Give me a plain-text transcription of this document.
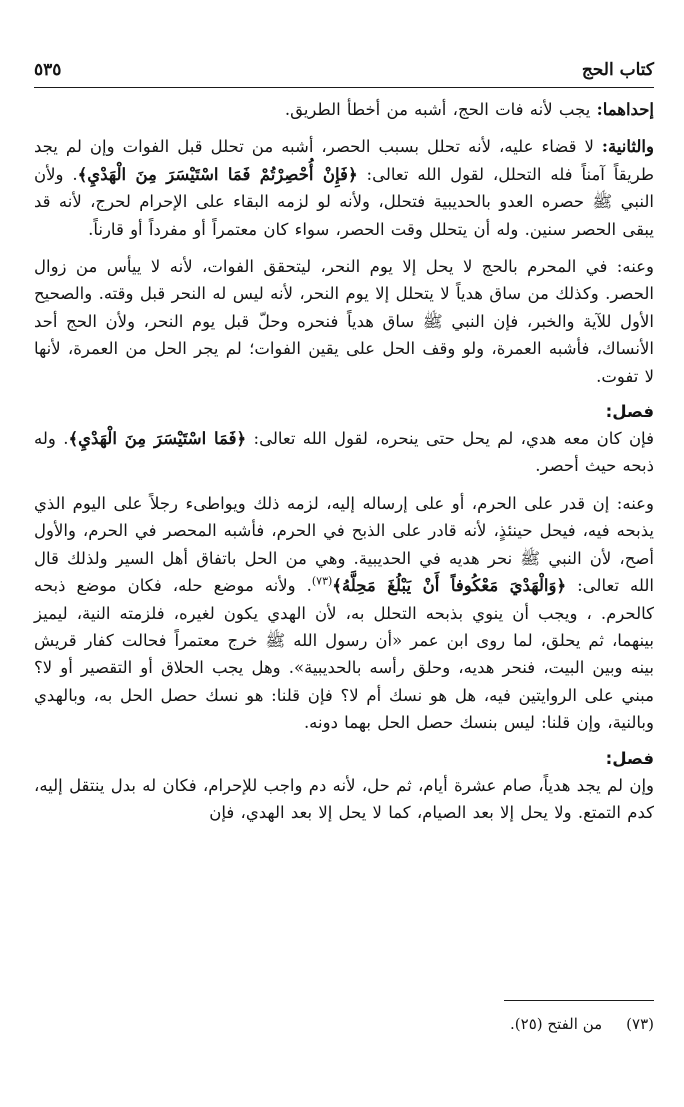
كتاب الحج
٥٣٥

إحداهما: يجب لأنه فات الحج، أشبه من أخطأ الطريق.

والثانية: لا قضاء عليه، لأنه تحلل بسبب الحصر، أشبه من تحلل قبل الفوات وإن لم يجد طريقاً آمناً فله التحلل، لقول الله تعالى: ﴿فَإِنْ أُحْصِرْتُمْ فَمَا اسْتَيْسَرَ مِنَ الْهَدْيِ﴾. ولأن النبي ﷺ حصره العدو بالحديبية فتحلل، ولأنه لو لزمه البقاء على الإحرام لحرج، لأنه قد يبقى الحصر سنين. وله أن يتحلل وقت الحصر، سواء كان معتمراً أو مفرداً أو قارناً.

وعنه: في المحرم بالحج لا يحل إلا يوم النحر، ليتحقق الفوات، لأنه لا ييأس من زوال الحصر. وكذلك من ساق هدياً لا يتحلل إلا يوم النحر، لأنه ليس له النحر قبل وقته. والصحيح الأول للآية والخبر، فإن النبي ﷺ ساق هدياً فنحره وحلّ قبل يوم النحر، ولأن الحج أحد الأنساك، فأشبه العمرة، ولو وقف الحل على يقين الفوات؛ لم يجر الحل من العمرة، لأنها لا تفوت.

فصل:

فإن كان معه هدي، لم يحل حتى ينحره، لقول الله تعالى: ﴿فَمَا اسْتَيْسَرَ مِنَ الْهَدْيِ﴾. وله ذبحه حيث أحصر.

وعنه: إن قدر على الحرم، أو على إرساله إليه، لزمه ذلك ويواطىء رجلاً على اليوم الذي يذبحه فيه، فيحل حينئذٍ، لأنه قادر على الذبح في الحرم، فأشبه المحصر في الحرم، والأول أصح، لأن النبي ﷺ نحر هديه في الحديبية. وهي من الحل باتفاق أهل السير ولذلك قال الله تعالى: ﴿وَالْهَدْيَ مَعْكُوفاً أَنْ يَبْلُغَ مَحِلَّهُ﴾$^{(٧٣)}$. ولأنه موضع حله، فكان موضع ذبحه كالحرم. ، ويجب أن ينوي بذبحه التحلل به، لأن الهدي يكون لغيره، فلزمته النية، ليميز بينهما، ثم يحلق، لما روى ابن عمر «أن رسول الله ﷺ خرج معتمراً فحالت كفار قريش بينه وبين البيت، فنحر هديه، وحلق رأسه بالحديبية». وهل يجب الحلاق أو التقصير أو لا؟ مبني على الروايتين فيه، هل هو نسك أم لا؟ فإن قلنا: هو نسك حصل الحل به، وبالهدي وبالنية، وإن قلنا: ليس بنسك حصل الحل بهما دونه.

فصل:

وإن لم يجد هدياً، صام عشرة أيام، ثم حل، لأنه دم واجب للإحرام، فكان له بدل ينتقل إليه، كدم التمتع. ولا يحل إلا بعد الصيام، كما لا يحل إلا بعد الهدي، فإن

(٧٣)
من الفتح (٢٥).
